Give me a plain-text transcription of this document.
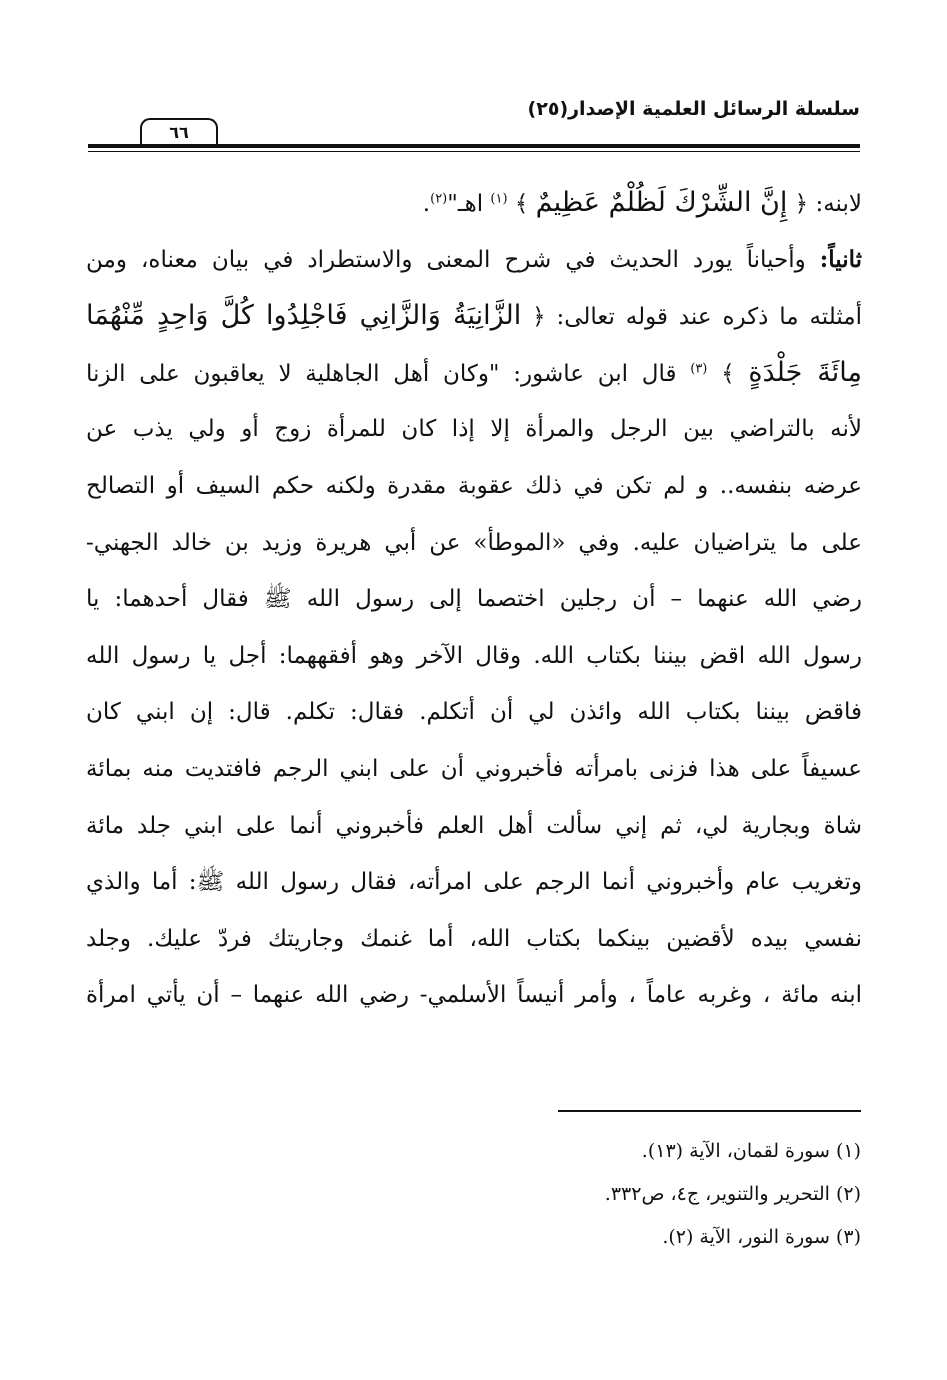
سلسلة الرسائل العلمية الإصدار(٢٥)
٦٦
لابنه: ﴿ إِنَّ الشِّرْكَ لَظُلْمٌ عَظِيمٌ ﴾ $^{(١)}$ اهـ"$^{(٢)}$.
ثانياً: وأحياناً يورد الحديث في شرح المعنى والاستطراد في بيان معناه، ومن
أمثلته ما ذكره عند قوله تعالى: ﴿ الزَّانِيَةُ وَالزَّانِي فَاجْلِدُوا كُلَّ وَاحِدٍ مِّنْهُمَا
مِائَةَ جَلْدَةٍ ﴾ $^{(٣)}$ قال ابن عاشور: "وكان أهل الجاهلية لا يعاقبون على الزنا
لأنه بالتراضي بين الرجل والمرأة إلا إذا كان للمرأة زوج أو ولي يذب عن
عرضه بنفسه.. و لم تكن في ذلك عقوبة مقدرة ولكنه حكم السيف أو التصالح
على ما يتراضيان عليه. وفي «الموطأ» عن أبي هريرة وزيد بن خالد الجهني-
رضي الله عنهما – أن رجلين اختصما إلى رسول الله ﷺ فقال أحدهما: يا
رسول الله اقض بيننا بكتاب الله. وقال الآخر وهو أفقههما: أجل يا رسول الله
فاقض بيننا بكتاب الله وائذن لي أن أتكلم. فقال: تكلم. قال: إن ابني كان
عسيفاً على هذا فزنى بامرأته فأخبروني أن على ابني الرجم فافتديت منه بمائة
شاة وبجارية لي، ثم إني سألت أهل العلم فأخبروني أنما على ابني جلد مائة
وتغريب عام وأخبروني أنما الرجم على امرأته، فقال رسول الله ﷺ: أما والذي
نفسي بيده لأقضين بينكما بكتاب الله، أما غنمك وجاريتك فردّ عليك. وجلد
ابنه مائة ، وغربه عاماً ، وأمر أنيساً الأسلمي- رضي الله عنهما – أن يأتي امرأة
(١) سورة لقمان، الآية (١٣).
(٢) التحرير والتنوير، ج٤، ص٣٣٢.
(٣) سورة النور، الآية (٢).
